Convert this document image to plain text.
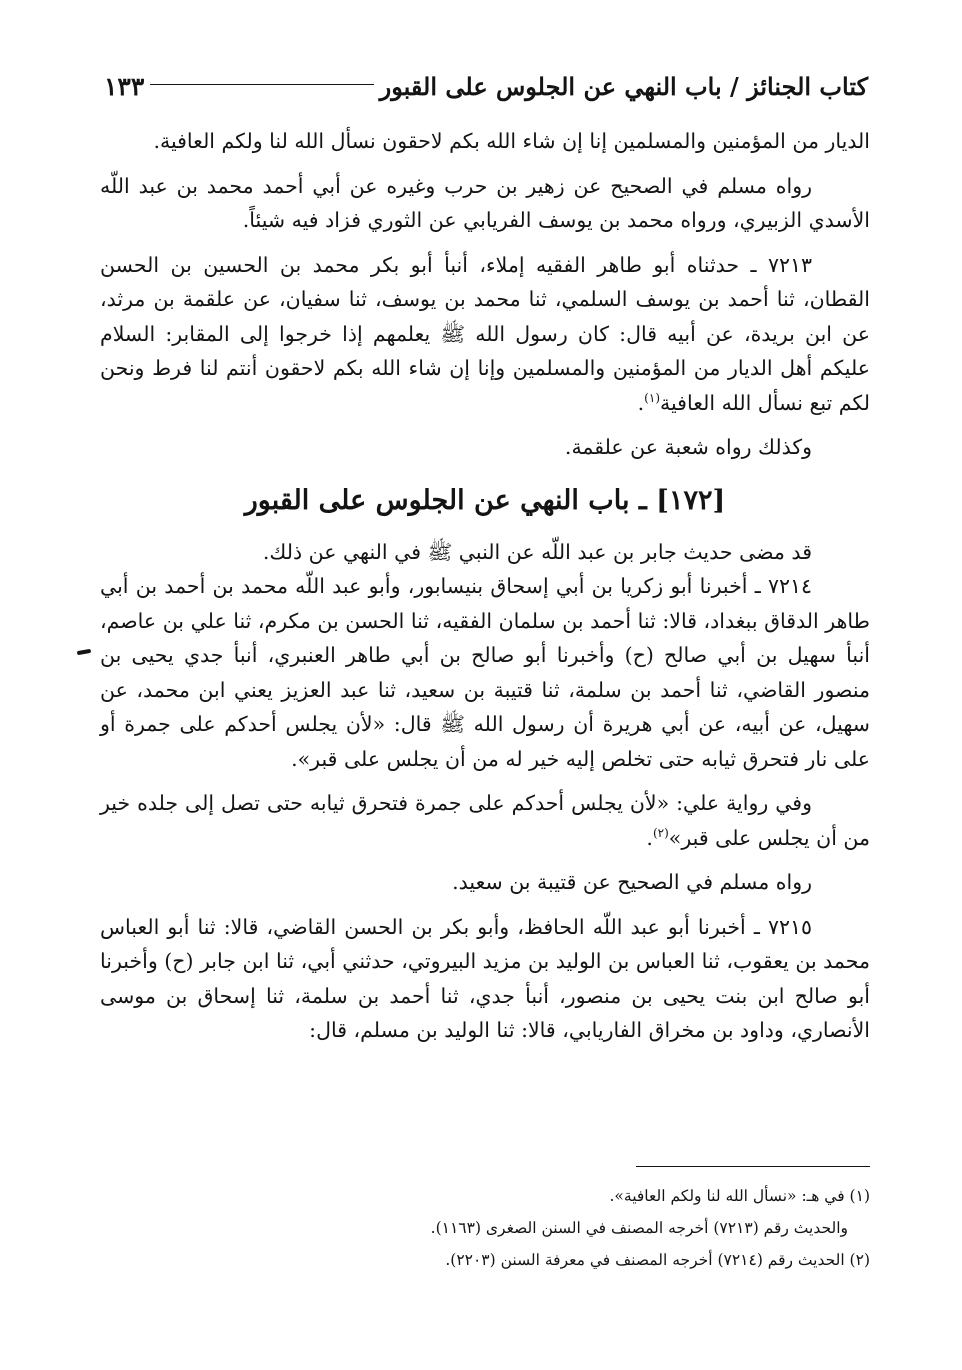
كتاب الجنائز / باب النهي عن الجلوس على القبور
١٣٣

الديار من المؤمنين والمسلمين إنا إن شاء الله بكم لاحقون نسأل الله لنا ولكم العافية.

رواه مسلم في الصحيح عن زهير بن حرب وغيره عن أبي أحمد محمد بن عبد اللّه الأسدي الزبيري، ورواه محمد بن يوسف الفريابي عن الثوري فزاد فيه شيئاً.

٧٢١٣ ـ حدثناه أبو طاهر الفقيه إملاء، أنبأ أبو بكر محمد بن الحسين بن الحسن القطان، ثنا أحمد بن يوسف السلمي، ثنا محمد بن يوسف، ثنا سفيان، عن علقمة بن مرثد، عن ابن بريدة، عن أبيه قال: كان رسول الله ﷺ يعلمهم إذا خرجوا إلى المقابر: السلام عليكم أهل الديار من المؤمنين والمسلمين وإنا إن شاء الله بكم لاحقون أنتم لنا فرط ونحن لكم تبع نسأل الله العافية$^{(١)}$.

وكذلك رواه شعبة عن علقمة.

[١٧٢] ـ باب النهي عن الجلوس على القبور

قد مضى حديث جابر بن عبد اللّه عن النبي ﷺ في النهي عن ذلك.

٧٢١٤ ـ أخبرنا أبو زكريا بن أبي إسحاق بنيسابور، وأبو عبد اللّه محمد بن أحمد بن أبي طاهر الدقاق ببغداد، قالا: ثنا أحمد بن سلمان الفقيه، ثنا الحسن بن مكرم، ثنا علي بن عاصم، أنبأ سهيل بن أبي صالح (ح) وأخبرنا أبو صالح بن أبي طاهر العنبري، أنبأ جدي يحيى بن منصور القاضي، ثنا أحمد بن سلمة، ثنا قتيبة بن سعيد، ثنا عبد العزيز يعني ابن محمد، عن سهيل، عن أبيه، عن أبي هريرة أن رسول الله ﷺ قال: «لأن يجلس أحدكم على جمرة أو على نار فتحرق ثيابه حتى تخلص إليه خير له من أن يجلس على قبر».

وفي رواية علي: «لأن يجلس أحدكم على جمرة فتحرق ثيابه حتى تصل إلى جلده خير من أن يجلس على قبر»$^{(٢)}$.

رواه مسلم في الصحيح عن قتيبة بن سعيد.

٧٢١٥ ـ أخبرنا أبو عبد اللّه الحافظ، وأبو بكر بن الحسن القاضي، قالا: ثنا أبو العباس محمد بن يعقوب، ثنا العباس بن الوليد بن مزيد البيروتي، حدثني أبي، ثنا ابن جابر (ح) وأخبرنا أبو صالح ابن بنت يحيى بن منصور، أنبأ جدي، ثنا أحمد بن سلمة، ثنا إسحاق بن موسى الأنصاري، وداود بن مخراق الفاريابي، قالا: ثنا الوليد بن مسلم، قال:

(١) في هـ: «نسأل الله لنا ولكم العافية».

والحديث رقم (٧٢١٣) أخرجه المصنف في السنن الصغرى (١١٦٣).

(٢) الحديث رقم (٧٢١٤) أخرجه المصنف في معرفة السنن (٢٢٠٣).
